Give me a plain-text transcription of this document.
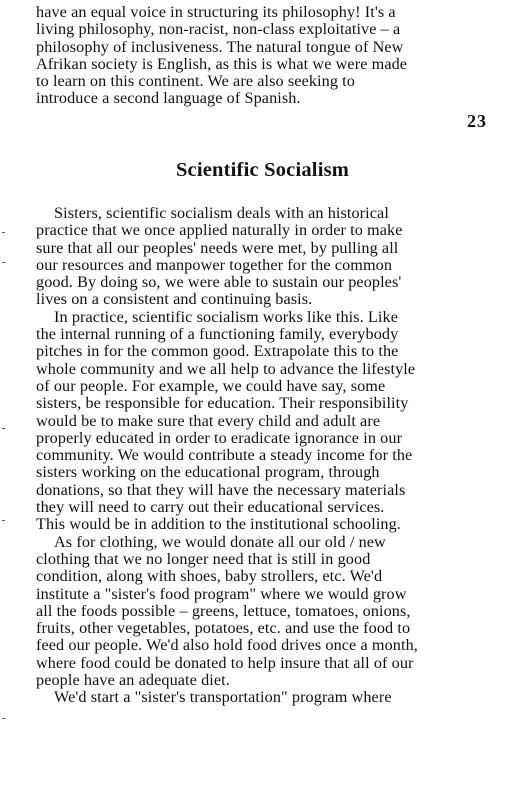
have an equal voice in structuring its philosophy! It's a
living philosophy, non-racist, non-class exploitative – a
philosophy of inclusiveness. The natural tongue of New
Afrikan society is English, as this is what we were made
to learn on this continent. We are also seeking to
introduce a second language of Spanish.
23
Scientific Socialism
Sisters, scientific socialism deals with an historical
practice that we once applied naturally in order to make
sure that all our peoples' needs were met, by pulling all
our resources and manpower together for the common
good. By doing so, we were able to sustain our peoples'
lives on a consistent and continuing basis.
In practice, scientific socialism works like this. Like
the internal running of a functioning family, everybody
pitches in for the common good. Extrapolate this to the
whole community and we all help to advance the lifestyle
of our people. For example, we could have say, some
sisters, be responsible for education. Their responsibility
would be to make sure that every child and adult are
properly educated in order to eradicate ignorance in our
community. We would contribute a steady income for the
sisters working on the educational program, through
donations, so that they will have the necessary materials
they will need to carry out their educational services.
This would be in addition to the institutional schooling.
As for clothing, we would donate all our old / new
clothing that we no longer need that is still in good
condition, along with shoes, baby strollers, etc. We'd
institute a "sister's food program" where we would grow
all the foods possible – greens, lettuce, tomatoes, onions,
fruits, other vegetables, potatoes, etc. and use the food to
feed our people. We'd also hold food drives once a month,
where food could be donated to help insure that all of our
people have an adequate diet.
We'd start a "sister's transportation" program where
